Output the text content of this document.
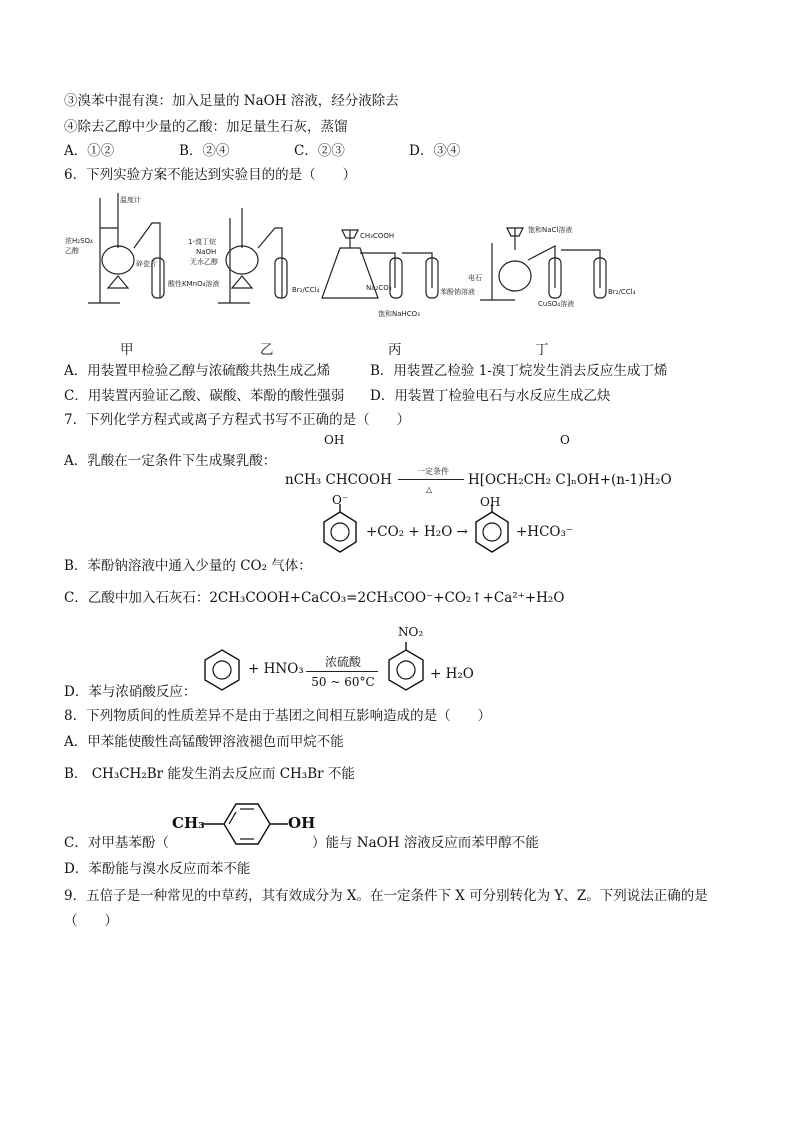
③溴苯中混有溴：加入足量的 NaOH 溶液，经分液除去
④除去乙醇中少量的乙酸：加足量生石灰，蒸馏
A．①②	B．②④	C．②③	D．③④
6．下列实验方案不能达到实验目的的是（　　）
温度计
浓H₂SO₄
乙醇
碎瓷片
酸性KMnO₄溶液
1-溴丁烷
NaOH
无水乙醇
Br₂/CCl₄
CH₃COOH
Na₂CO₃
饱和NaHCO₃
苯酚钠溶液
饱和NaCl溶液
电石
CuSO₄溶液
Br₂/CCl₄
甲	乙	丙	丁
A．用装置甲检验乙醇与浓硫酸共热生成乙烯	B．用装置乙检验 1-溴丁烷发生消去反应生成丁烯
C．用装置丙验证乙酸、碳酸、苯酚的酸性强弱 D．用装置丁检验电石与水反应生成乙炔
7．下列化学方程式或离子方程式书写不正确的是（　　）
OH	O
A．乳酸在一定条件下生成聚乳酸：
nCH₃ CHCOOH
一定条件
△
H[OCH₂CH₂ C]ₙOH+(n-1)H₂O
O⁻
+CO₂ + H₂O →
OH
+HCO₃⁻
B．苯酚钠溶液中通入少量的 CO₂ 气体：
C．乙酸中加入石灰石：2CH₃COOH+CaCO₃=2CH₃COO⁻+CO₂↑+Ca²⁺+H₂O
+ HNO₃	浓硫酸
50 ~ 60°C
NO₂
+ H₂O
D．苯与浓硝酸反应：
8．下列物质间的性质差异不是由于基团之间相互影响造成的是（　　）
A．甲苯能使酸性高锰酸钾溶液褪色而甲烷不能
B． CH₃CH₂Br 能发生消去反应而 CH₃Br 不能
CH₃	OH
C．对甲基苯酚（	）能与 NaOH 溶液反应而苯甲醇不能
D．苯酚能与溴水反应而苯不能
9．五倍子是一种常见的中草药，其有效成分为 X。在一定条件下 X 可分别转化为 Y、Z。下列说法正确的是
（　　）
